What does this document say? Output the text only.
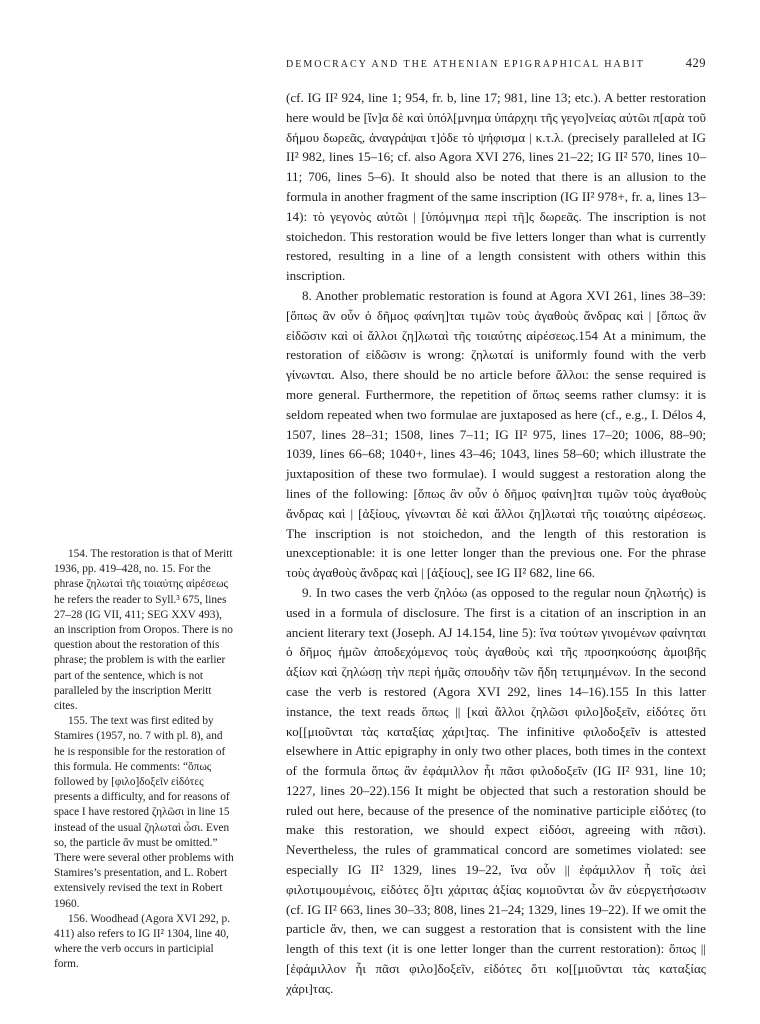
DEMOCRACY AND THE ATHENIAN EPIGRAPHICAL HABIT	429

(cf. IG II² 924, line 1; 954, fr. b, line 17; 981, line 13; etc.). A better restoration here would be [ἵν]α δὲ καὶ ὑπόλ[μνημα ὑπάρχηι τῆς γεγο]νείας αὐτῶι π[αρὰ τοῦ δήμου δωρεᾶς, ἀναγράψαι τ]όδε τὸ ψήφισμα | κ.τ.λ. (precisely paralleled at IG II² 982, lines 15–16; cf. also Agora XVI 276, lines 21–22; IG II² 570, lines 10–11; 706, lines 5–6). It should also be noted that there is an allusion to the formula in another fragment of the same inscription (IG II² 978+, fr. a, lines 13–14): τὸ γεγονὸς αὐτῶι | [ὑπόμνημα περὶ τῆ]ς δωρεᾶς. The inscription is not stoichedon. This restoration would be five letters longer than what is currently restored, resulting in a line of a length consistent with others within this inscription.

8. Another problematic restoration is found at Agora XVI 261, lines 38–39: [ὅπως ἂν οὖν ὁ δῆμος φαίνη]ται τιμῶν τοὺς ἀγαθοὺς ἄνδρας καὶ | [ὅπως ἂν εἰδῶσιν καὶ οἱ ἄλλοι ζη]λωταὶ τῆς τοιαύτης αἱρέσεως.154 At a minimum, the restoration of εἰδῶσιν is wrong: ζηλωταί is uniformly found with the verb γίνωνται. Also, there should be no article before ἄλλοι: the sense required is more general. Furthermore, the repetition of ὅπως seems rather clumsy: it is seldom repeated when two formulae are juxtaposed as here (cf., e.g., I. Délos 4, 1507, lines 28–31; 1508, lines 7–11; IG II² 975, lines 17–20; 1006, 88–90; 1039, lines 66–68; 1040+, lines 43–46; 1043, lines 58–60; which illustrate the juxtaposition of these two formulae). I would suggest a restoration along the lines of the following: [ὅπως ἂν οὖν ὁ δῆμος φαίνη]ται τιμῶν τοὺς ἀγαθοὺς ἄνδρας καὶ | [ἀξίους, γίνωνται δὲ καὶ ἄλλοι ζη]λωταὶ τῆς τοιαύτης αἱρέσεως. The inscription is not stoichedon, and the length of this restoration is unexceptionable: it is one letter longer than the previous one. For the phrase τοὺς ἀγαθοὺς ἄνδρας καὶ | [ἀξίους], see IG II² 682, line 66.

9. In two cases the verb ζηλόω (as opposed to the regular noun ζηλωτής) is used in a formula of disclosure. The first is a citation of an inscription in an ancient literary text (Joseph. AJ 14.154, line 5): ἵνα τούτων γινομένων φαίνηται ὁ δῆμος ἡμῶν ἀποδεχόμενος τοὺς ἀγαθοὺς καὶ τῆς προσηκούσης ἀμοιβῆς ἀξίων καὶ ζηλώσῃ τὴν περὶ ἡμᾶς σπουδὴν τῶν ἤδη τετιμημένων. In the second case the verb is restored (Agora XVI 292, lines 14–16).155 In this latter instance, the text reads ὅπως || [καὶ ἄλλοι ζηλῶσι φιλο]δοξεῖν, εἰδότες ὅτι κο[[μιοῦνται τὰς καταξίας χάρι]τας. The infinitive φιλοδοξεῖν is attested elsewhere in Attic epigraphy in only two other places, both times in the context of the formula ὅπως ἂν ἐφάμιλλον ἧι πᾶσι φιλοδοξεῖν (IG II² 931, line 10; 1227, lines 20–22).156 It might be objected that such a restoration should be ruled out here, because of the presence of the nominative participle εἰδότες (to make this restoration, we should expect εἰδόσι, agreeing with πᾶσι). Nevertheless, the rules of grammatical concord are sometimes violated: see especially IG II² 1329, lines 19–22, ἵνα οὖν || ἐφάμιλλον ἧ τοῖς ἀεὶ φιλοτιμουμένοις, εἰδότες ὅ]τι χάριτας ἀξίας κομιοῦνται ὧν ἂν εὐεργετήσωσιν (cf. IG II² 663, lines 30–33; 808, lines 21–24; 1329, lines 19–22). If we omit the particle ἄν, then, we can suggest a restoration that is consistent with the line length of this text (it is one letter longer than the current restoration): ὅπως || [ἐφάμιλλον ἧι πᾶσι φιλο]δοξεῖν, εἰδότες ὅτι κο[[μιοῦνται τὰς καταξίας χάρι]τας.

154. The restoration is that of Meritt 1936, pp. 419–428, no. 15. For the phrase ζηλωταὶ τῆς τοιαύτης αἱρέσεως he refers the reader to Syll.³ 675, lines 27–28 (IG VII, 411; SEG XXV 493), an inscription from Oropos. There is no question about the restoration of this phrase; the problem is with the earlier part of the sentence, which is not paralleled by the inscription Meritt cites.

155. The text was first edited by Stamires (1957, no. 7 with pl. 8), and he is responsible for the restoration of this formula. He comments: “ὅπως followed by [φιλο]δοξεῖν εἰδότες presents a difficulty, and for reasons of space I have restored ζηλῶσι in line 15 instead of the usual ζηλωταὶ ὦσι. Even so, the particle ἂν must be omitted.” There were several other problems with Stamires’s presentation, and L. Robert extensively revised the text in Robert 1960.

156. Woodhead (Agora XVI 292, p. 411) also refers to IG II² 1304, line 40, where the verb occurs in participial form.
